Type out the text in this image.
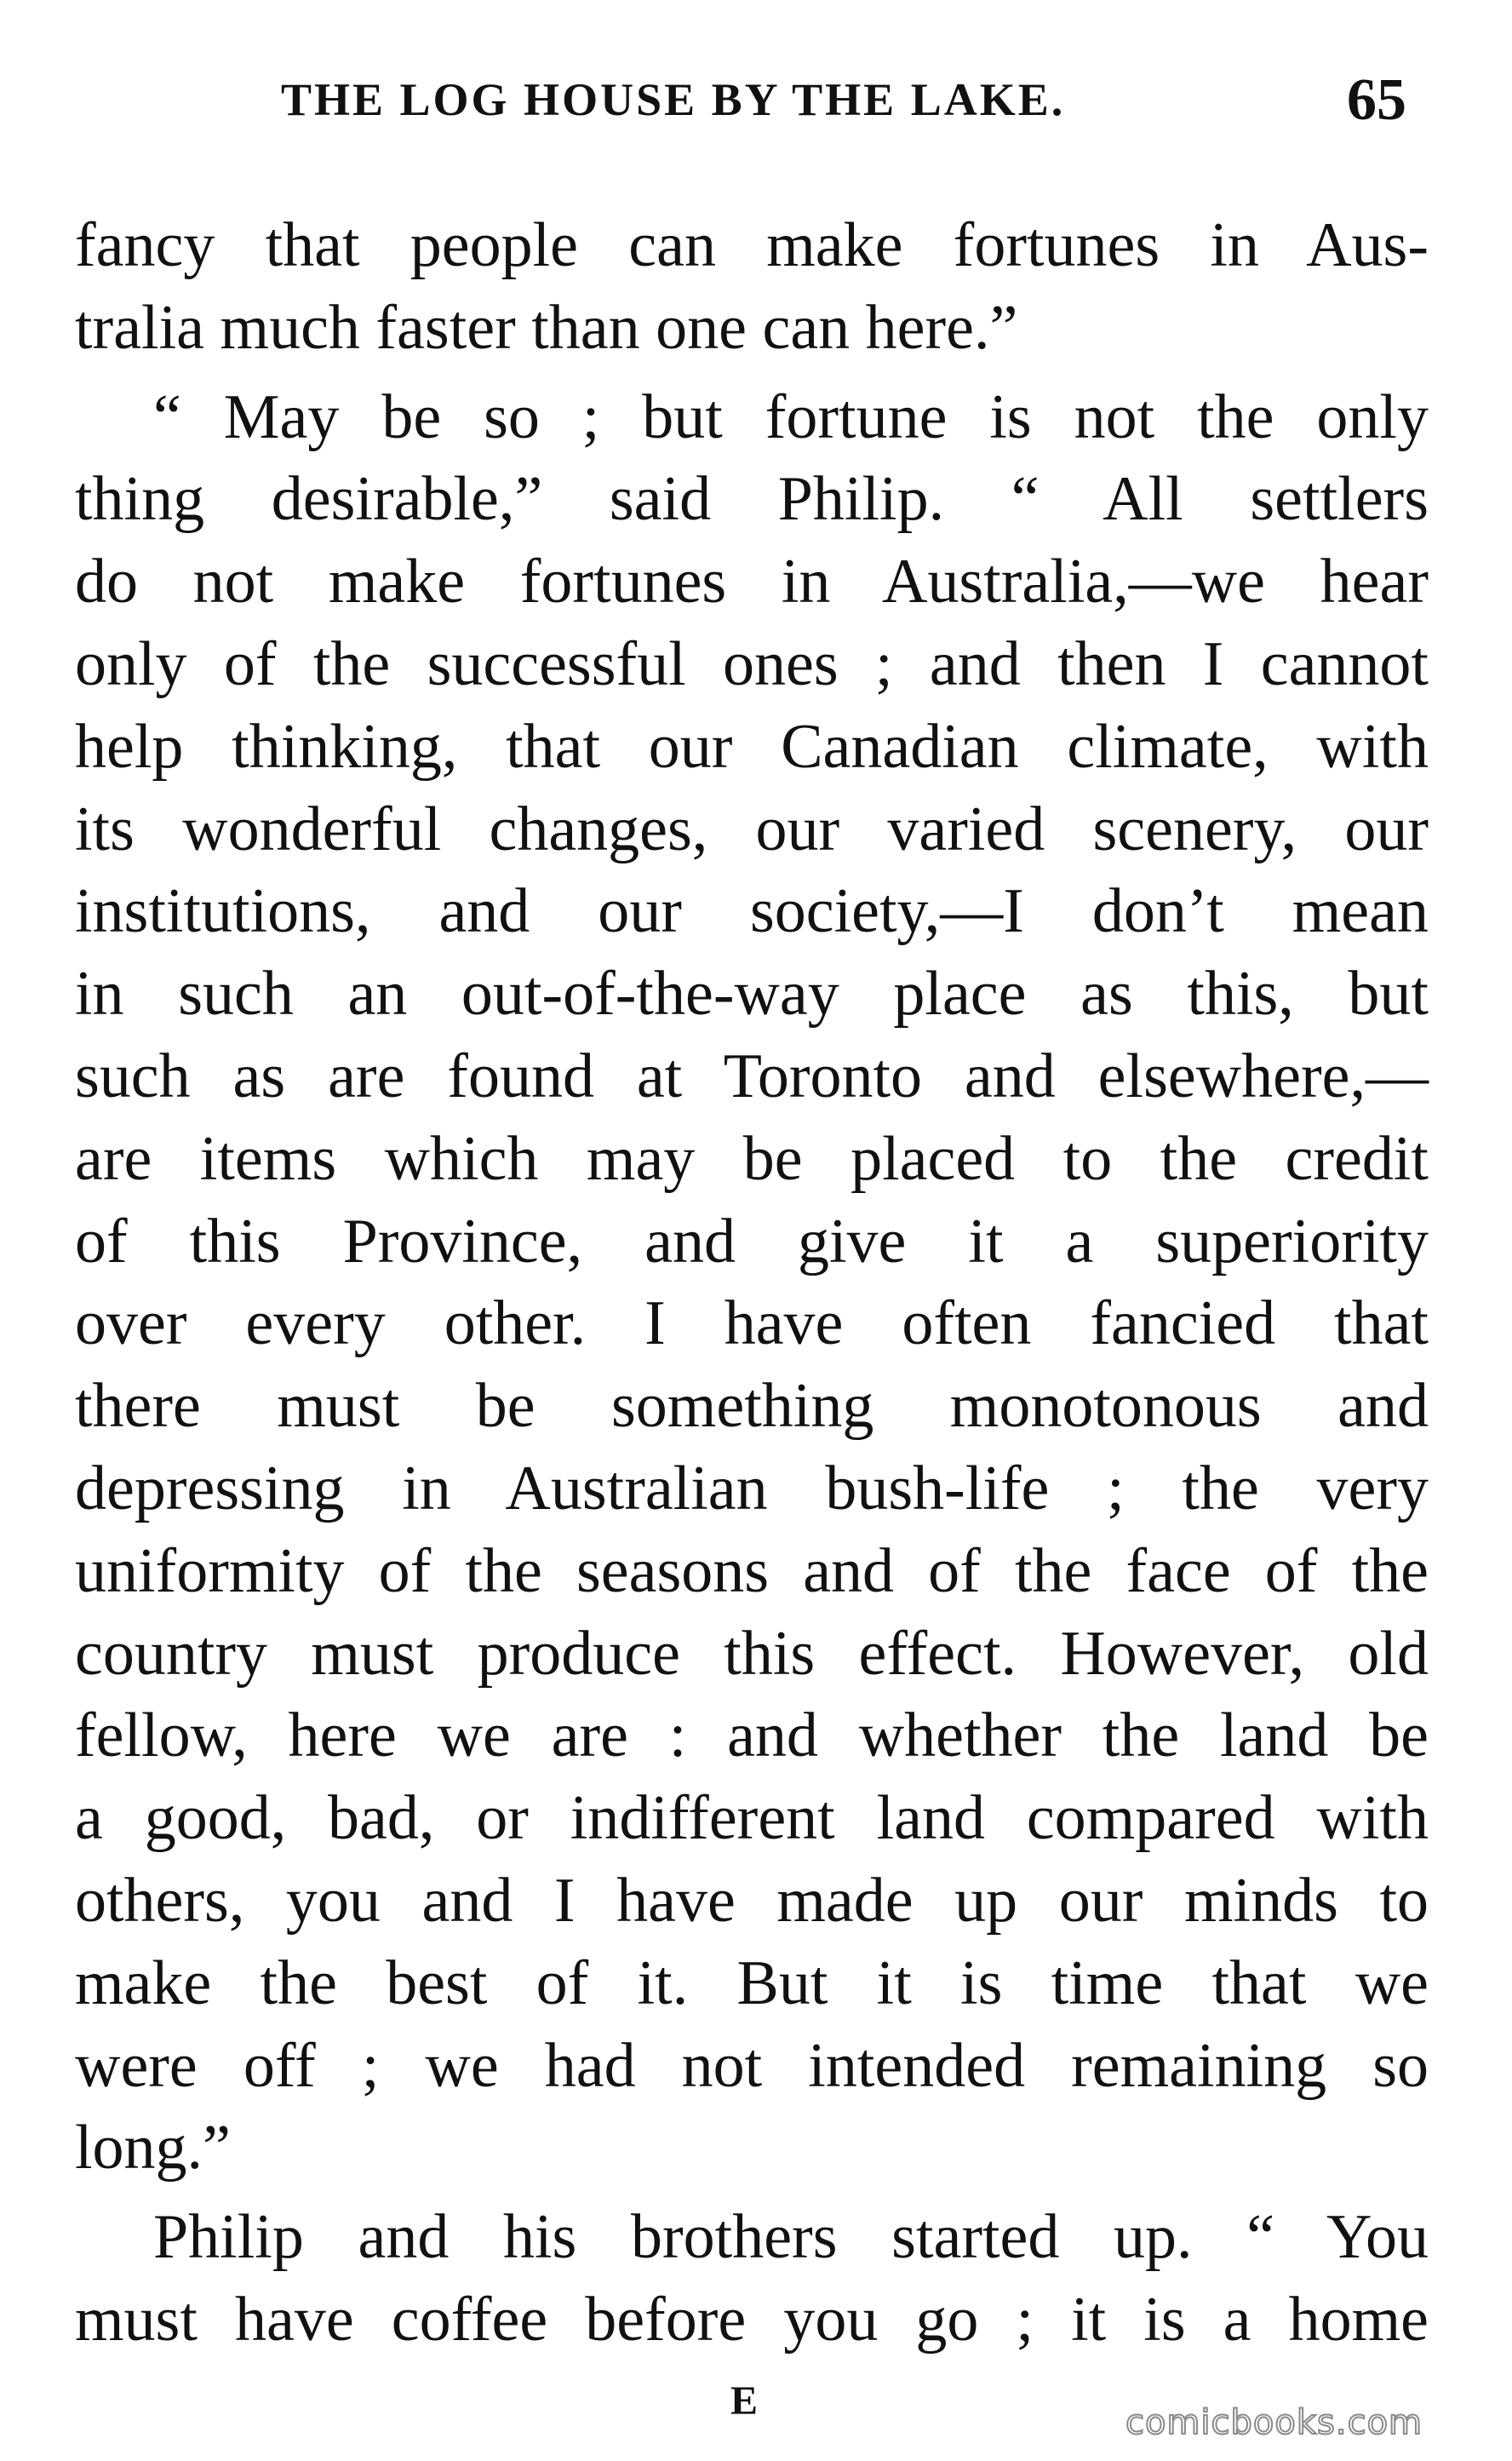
THE LOG HOUSE BY THE LAKE.	65
fancy that people can make fortunes in Aus-
tralia much faster than one can here.”
“ May be so ; but fortune is not the only
thing desirable,” said Philip. “ All settlers
do not make fortunes in Australia,—we hear
only of the successful ones ; and then I cannot
help thinking, that our Canadian climate, with
its wonderful changes, our varied scenery, our
institutions, and our society,—I don’t mean
in such an out-of-the-way place as this, but
such as are found at Toronto and elsewhere,—
are items which may be placed to the credit
of this Province, and give it a superiority
over every other. I have often fancied that
there must be something monotonous and
depressing in Australian bush-life ; the very
uniformity of the seasons and of the face of the
country must produce this effect. However, old
fellow, here we are : and whether the land be
a good, bad, or indifferent land compared with
others, you and I have made up our minds to
make the best of it. But it is time that we
were off ; we had not intended remaining so
long.”
Philip and his brothers started up. “ You
must have coffee before you go ; it is a home
E	comicbooks.com
